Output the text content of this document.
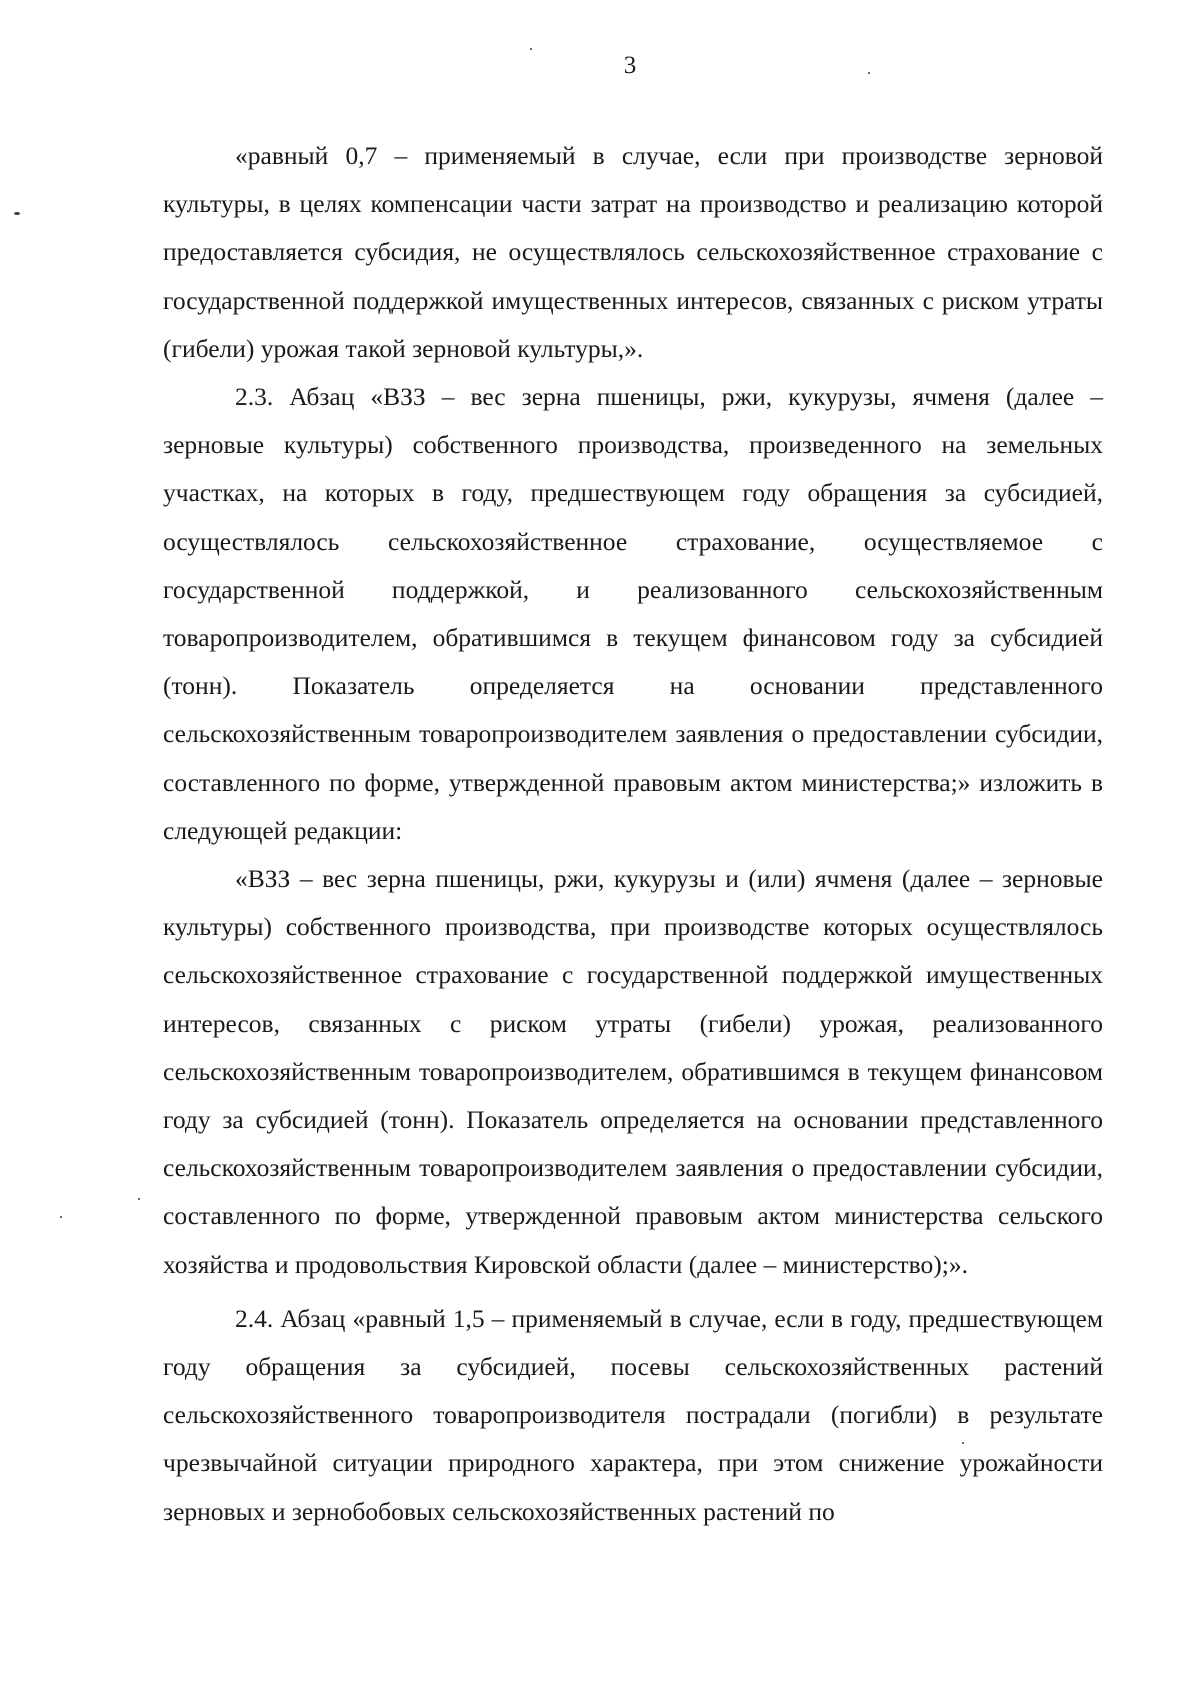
3

«равный 0,7 – применяемый в случае, если при производстве зерновой культуры, в целях компенсации части затрат на производство и реализацию которой предоставляется субсидия, не осуществлялось сельскохозяйственное страхование с государственной поддержкой имущественных интересов, связанных с риском утраты (гибели) урожая такой зерновой культуры,».

2.3. Абзац «ВЗЗ – вес зерна пшеницы, ржи, кукурузы, ячменя (далее – зерновые культуры) собственного производства, произведенного на земельных участках, на которых в году, предшествующем году обращения за субсидией, осуществлялось сельскохозяйственное страхование, осуществляемое с государственной поддержкой, и реализованного сельскохозяйственным товаропроизводителем, обратившимся в текущем финансовом году за субсидией (тонн). Показатель определяется на основании представленного сельскохозяйственным товаропроизводителем заявления о предоставлении субсидии, составленного по форме, утвержденной правовым актом министерства;» изложить в следующей редакции:

«ВЗЗ – вес зерна пшеницы, ржи, кукурузы и (или) ячменя (далее – зерновые культуры) собственного производства, при производстве которых осуществлялось сельскохозяйственное страхование с государственной поддержкой имущественных интересов, связанных с риском утраты (гибели) урожая, реализованного сельскохозяйственным товаропроизводителем, обратившимся в текущем финансовом году за субсидией (тонн). Показатель определяется на основании представленного сельскохозяйственным товаропроизводителем заявления о предоставлении субсидии, составленного по форме, утвержденной правовым актом министерства сельского хозяйства и продовольствия Кировской области (далее – министерство);».

2.4. Абзац «равный 1,5 – применяемый в случае, если в году, предшествующем году обращения за субсидией, посевы сельскохозяйственных растений сельскохозяйственного товаропроизводителя пострадали (погибли) в результате чрезвычайной ситуации природного характера, при этом снижение урожайности зерновых и зернобобовых сельскохозяйственных растений по
